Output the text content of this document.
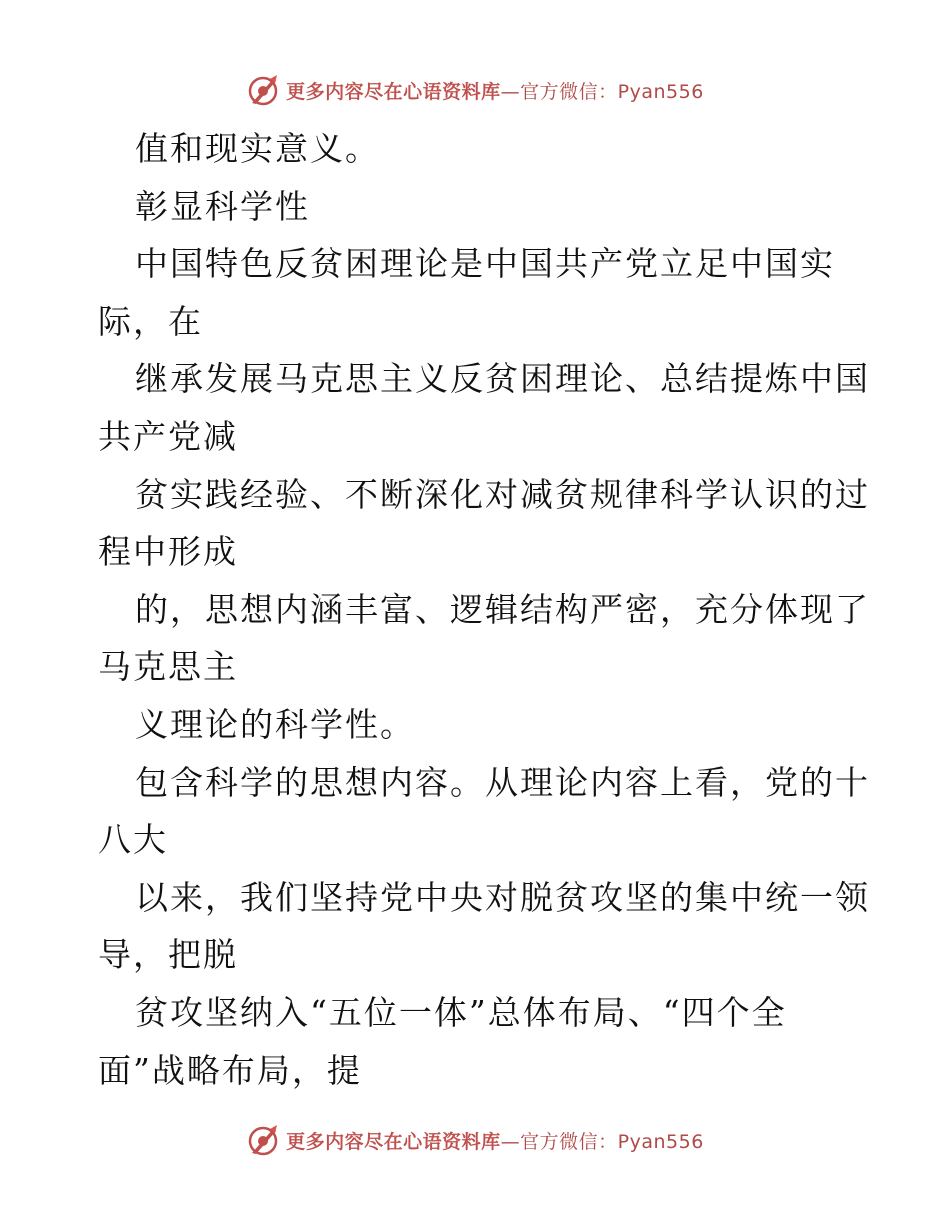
更多内容尽在心语资料库—官方微信：Pyan556
值和现实意义。
彰显科学性
中国特色反贫困理论是中国共产党立足中国实
际，在
继承发展马克思主义反贫困理论、总结提炼中国
共产党减
贫实践经验、不断深化对减贫规律科学认识的过
程中形成
的，思想内涵丰富、逻辑结构严密，充分体现了
马克思主
义理论的科学性。
包含科学的思想内容。从理论内容上看，党的十
八大
以来，我们坚持党中央对脱贫攻坚的集中统一领
导，把脱
贫攻坚纳入“五位一体”总体布局、“四个全
面”战略布局，提
更多内容尽在心语资料库—官方微信：Pyan556
